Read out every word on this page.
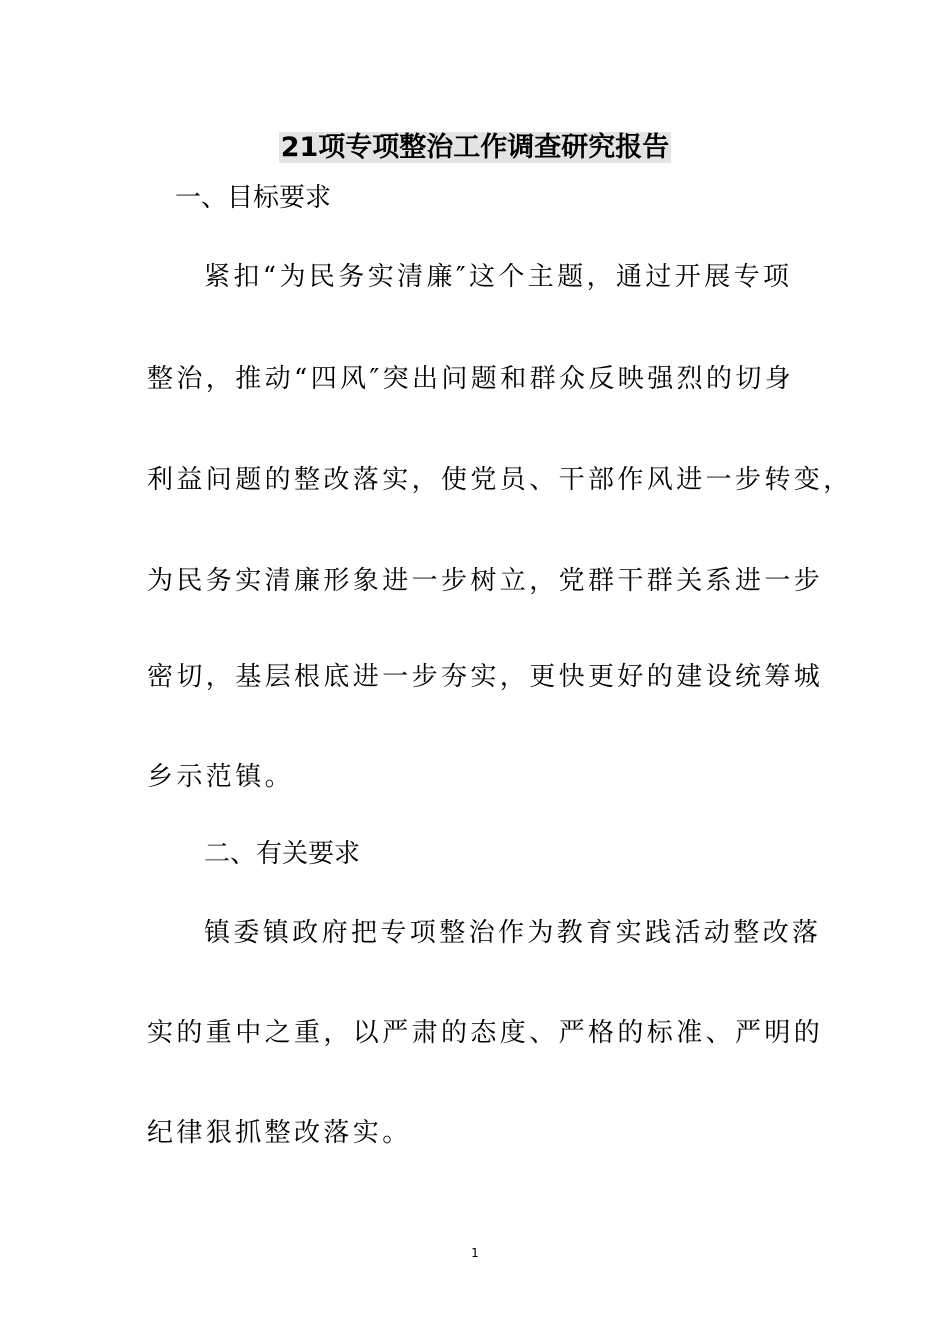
21项专项整治工作调查研究报告

一、目标要求

紧扣“为民务实清廉″这个主题，通过开展专项

整治，推动“四风″突出问题和群众反映强烈的切身

利益问题的整改落实，使党员、干部作风进一步转变，

为民务实清廉形象进一步树立，党群干群关系进一步

密切，基层根底进一步夯实，更快更好的建设统筹城

乡示范镇。

二、有关要求

镇委镇政府把专项整治作为教育实践活动整改落

实的重中之重，以严肃的态度、严格的标准、严明的

纪律狠抓整改落实。

1
